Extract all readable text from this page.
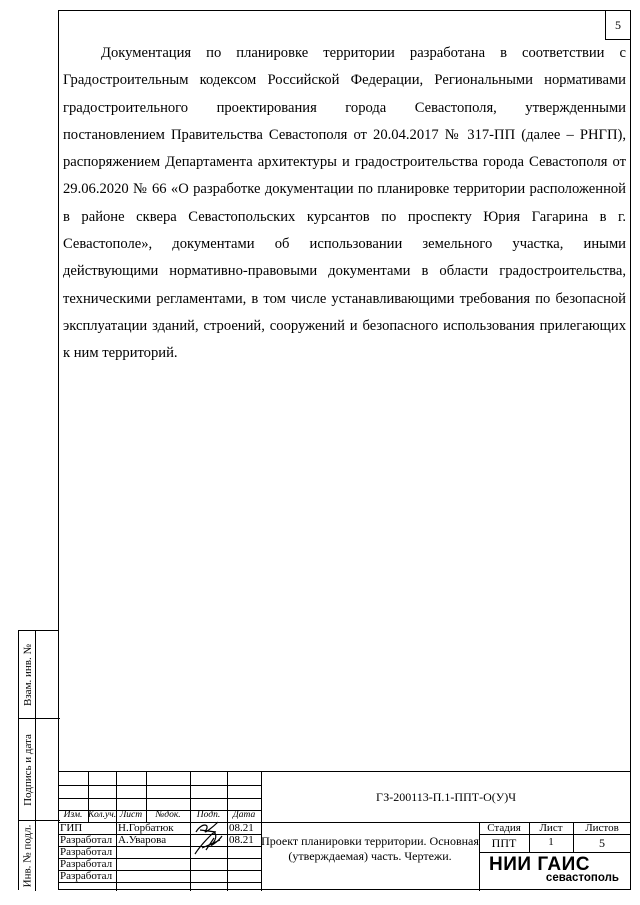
5

Документация по планировке территории разработана в соответствии с Градостроительным кодексом Российской Федерации, Региональными нормативами градостроительного проектирования города Севастополя, утвержденными постановлением Правительства Севастополя от 20.04.2017 № 317-ПП (далее – РНГП), распоряжением Департамента архитектуры и градостроительства города Севастополя от 29.06.2020 № 66 «О разработке документации по планировке территории расположенной в районе сквера Севастопольских курсантов по проспекту Юрия Гагарина в г. Севастополе», документами об использовании земельного участка, иными действующими нормативно-правовыми документами в области градостроительства, техническими регламентами, в том числе устанавливающими требования по безопасной эксплуатации зданий, строений, сооружений и безопасного использования прилегающих к ним территорий.

Взам. инв. №
Подпись и дата
Инв. № подл.
Изм. Кол.уч. Лист	№док.	Подп.	Дата
ГИП	Н.Горбатюк	08.21
Разработал А.Уварова	08.21
Разработал
Разработал
Разработал
ГЗ-200113-П.1-ППТ-О(У)Ч
Проект планировки территории. Основная (утверждаемая) часть. Чертежи.
Стадия	Лист	Листов
ППТ	1	5
НИИ ГАИС
севастополь
